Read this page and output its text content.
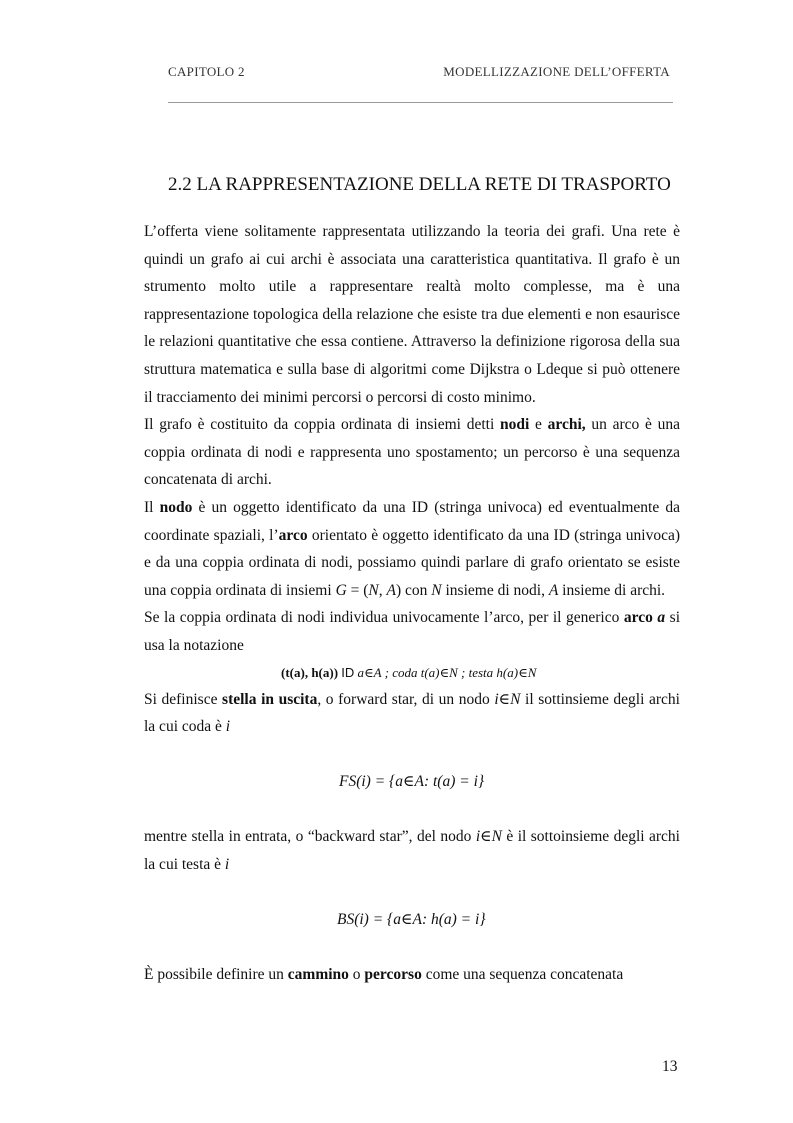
CAPITOLO 2	MODELLIZZAZIONE DELL’OFFERTA
2.2 LA RAPPRESENTAZIONE DELLA RETE DI TRASPORTO

L’offerta viene solitamente rappresentata utilizzando la teoria dei grafi. Una rete è quindi un grafo ai cui archi è associata una caratteristica quantitativa. Il grafo è un strumento molto utile a rappresentare realtà molto complesse, ma è una rappresentazione topologica della relazione che esiste tra due elementi e non esaurisce le relazioni quantitative che essa contiene. Attraverso la definizione rigorosa della sua struttura matematica e sulla base di algoritmi come Dijkstra o Ldeque si può ottenere il tracciamento dei minimi percorsi o percorsi di costo minimo.

Il grafo è costituito da coppia ordinata di insiemi detti nodi e archi, un arco è una coppia ordinata di nodi e rappresenta uno spostamento; un percorso è una sequenza concatenata di archi.

Il nodo è un oggetto identificato da una ID (stringa univoca) ed eventualmente da coordinate spaziali, l’arco orientato è oggetto identificato da una ID (stringa univoca) e da una coppia ordinata di nodi, possiamo quindi parlare di grafo orientato se esiste una coppia ordinata di insiemi G = (N, A) con N insieme di nodi, A insieme di archi.

Se la coppia ordinata di nodi individua univocamente l’arco, per il generico arco a si usa la notazione

(t(a), h(a)) ID a∈A ; coda t(a)∈N ; testa h(a)∈N

Si definisce stella in uscita, o forward star, di un nodo i∈N il sottinsieme degli archi la cui coda è i

FS(i) = {a∈A: t(a) = i}

mentre stella in entrata, o “backward star”, del nodo i∈N è il sottoinsieme degli archi la cui testa è i

BS(i) = {a∈A: h(a) = i}

È possibile definire un cammino o percorso come una sequenza concatenata

13
